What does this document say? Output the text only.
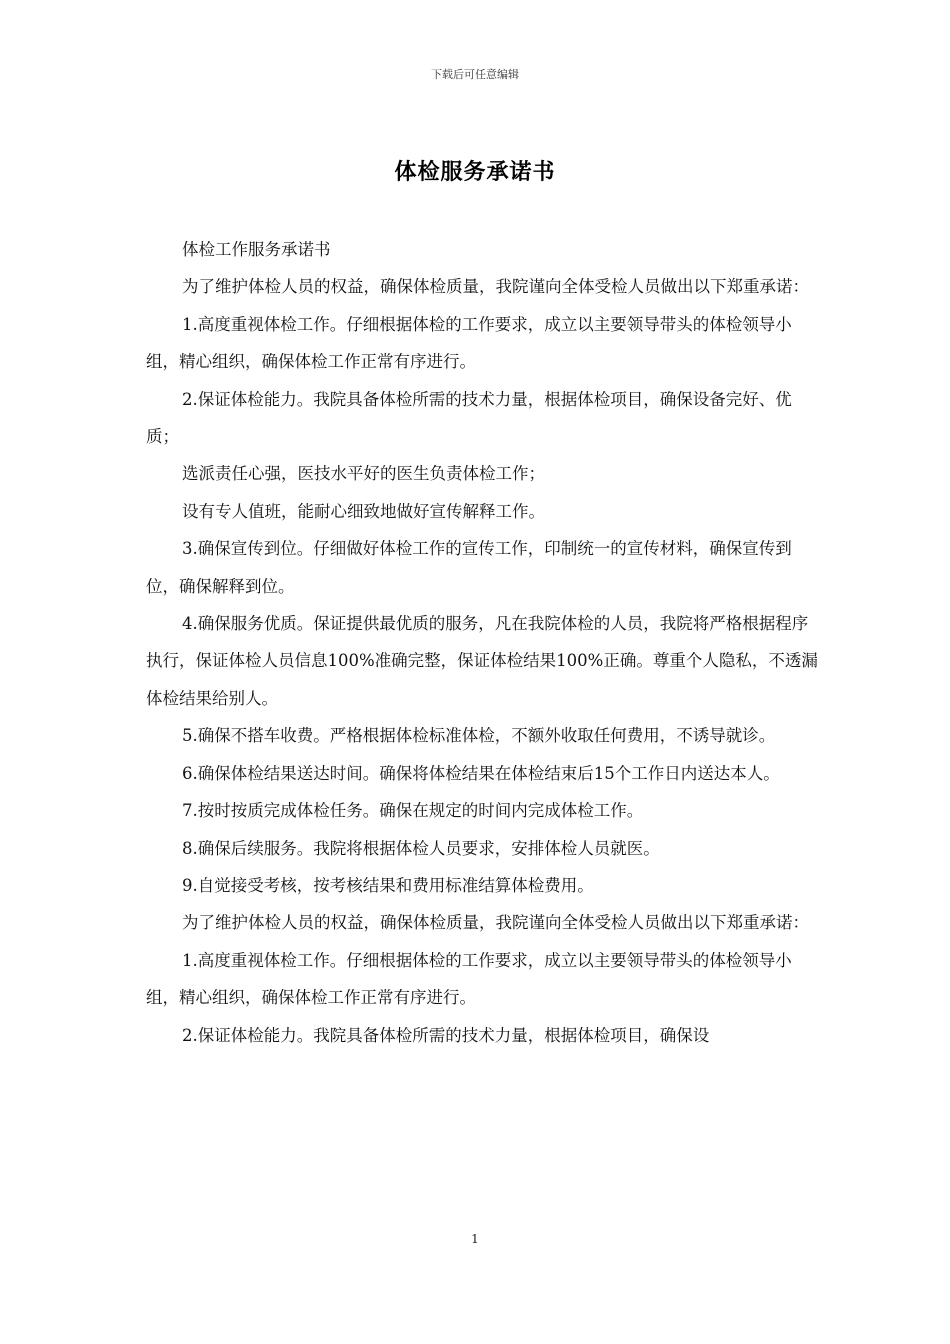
下载后可任意编辑
体检服务承诺书

体检工作服务承诺书

为了维护体检人员的权益，确保体检质量，我院谨向全体受检人员做出以下郑重承诺：

1.高度重视体检工作。仔细根据体检的工作要求，成立以主要领导带头的体检领导小组，精心组织，确保体检工作正常有序进行。

2.保证体检能力。我院具备体检所需的技术力量，根据体检项目，确保设备完好、优质；

选派责任心强，医技水平好的医生负责体检工作；

设有专人值班，能耐心细致地做好宣传解释工作。

3.确保宣传到位。仔细做好体检工作的宣传工作，印制统一的宣传材料，确保宣传到位，确保解释到位。

4.确保服务优质。保证提供最优质的服务，凡在我院体检的人员，我院将严格根据程序执行，保证体检人员信息100%准确完整，保证体检结果100%正确。尊重个人隐私，不透漏体检结果给别人。

5.确保不搭车收费。严格根据体检标准体检，不额外收取任何费用，不诱导就诊。

6.确保体检结果送达时间。确保将体检结果在体检结束后15个工作日内送达本人。

7.按时按质完成体检任务。确保在规定的时间内完成体检工作。

8.确保后续服务。我院将根据体检人员要求，安排体检人员就医。

9.自觉接受考核，按考核结果和费用标准结算体检费用。

为了维护体检人员的权益，确保体检质量，我院谨向全体受检人员做出以下郑重承诺：

1.高度重视体检工作。仔细根据体检的工作要求，成立以主要领导带头的体检领导小组，精心组织，确保体检工作正常有序进行。

2.保证体检能力。我院具备体检所需的技术力量，根据体检项目，确保设

1
